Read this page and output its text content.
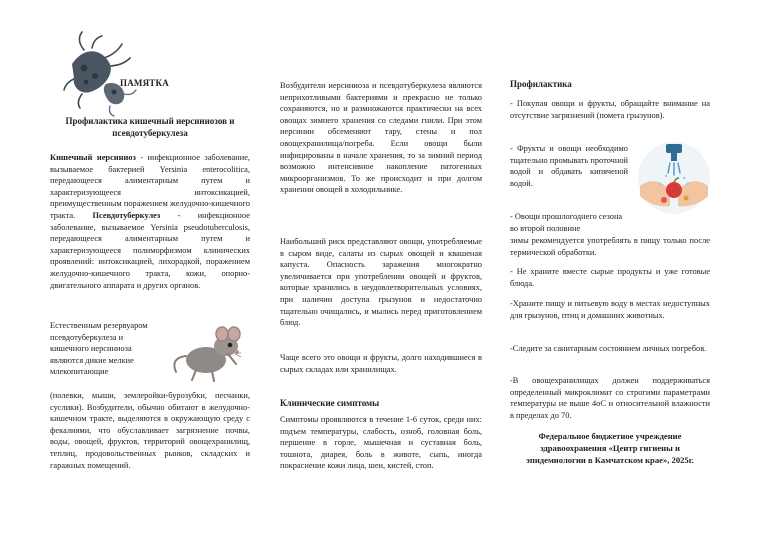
ПАМЯТКА
Профилактика кишечный иерсиниозов и псевдотуберкулеза

Кишечный иерсиниоз - инфекционное заболевание, вызываемое бактерией Yersinia enterocolitica, передающееся алиментарным путем и характеризующееся интоксикацией, преимущественным поражением желудочно-кишечного тракта. Псевдотуберкулез - инфекционное заболевание, вызываемое Yersinia pseudotuberculosis, передающееся алиментарным путем и характеризующееся полиморфизмом клинических проявлений: интоксикацией, лихорадкой, поражением желудочно-кишечного тракта, кожи, опорно-двигательного аппарата и других органов.

Естественным резервуаром псевдотуберкулеза и кишечного иерсиниоза являются дикие мелкие млекопитающие

(полевки, мыши, землеройки-бурозубки, песчанки, суслики). Возбудители, обычно обитают в желудочно-кишечном тракте, выделяются в окружающую среду с фекалиями, что обуславливает загрязнение почвы, воды, овощей, фруктов, территорий овощехранилищ, теплиц, продовольственных рынков, складских и гаражных помещений.

Возбудители иерсиниоза и псевдотуберкулеза являются неприхотливыми бактериями и прекрасно не только сохраняются, но и размножаются практически на всех овощах зимнего хранения со следами гнили. При этом иерсинии обсеменяют тару, стены и пол овощехранилища/погреба. Если овощи были инфицированы в начале хранения, то за зимний период возможно интенсивное накопление патогенных микроорганизмов. То же происходит и при долгом хранении овощей в холодильнике.

Наибольший риск представляют овощи, употребляемые в сыром виде, салаты из сырых овощей и квашеная капуста. Опасность заражения многократно увеличивается при употреблении овощей и фруктов, которые хранились в неудовлетворительных условиях, при наличии доступа грызунов и недостаточно тщательно очищались, и мылись перед приготовлением блюд.

Чаще всего это овощи и фрукты, долго находившиеся в сырых складах или хранилищах.

Клинические симптомы

Симптомы проявляются в течение 1-6 суток, среди них: подъем температуры, слабость, озноб, головная боль, першение в горле, мышечная и суставная боль, тошнота, диарея, боль в животе, сыпь, иногда покраснение кожи лица, шеи, кистей, стоп.

Профилактика

- Покупая овощи и фрукты, обращайте внимание на отсутствие загрязнений (помета грызунов).

- Фрукты и овощи необходимо тщательно промывать проточной водой и обдавать кипяченой водой.

- Овощи прошлогоднего сезона во второй половине

зимы рекомендуется употреблять в пищу только после термической обработки.

- Не храните вместе сырые продукты и уже готовые блюда.

-Храните пищу и питьевую воду в местах недоступных для грызунов, птиц и домашних животных.

-Следите за санитарным состоянием личных погребов.

-В овощехранилищах должен поддерживаться определенный микроклимат со строгими параметрами температуры не выше 4оС и относительной влажности в пределах до 70.

Федеральное бюджетное учреждение здравоохранения «Центр гигиены и эпидемиологии в Камчатском крае», 2025г.
